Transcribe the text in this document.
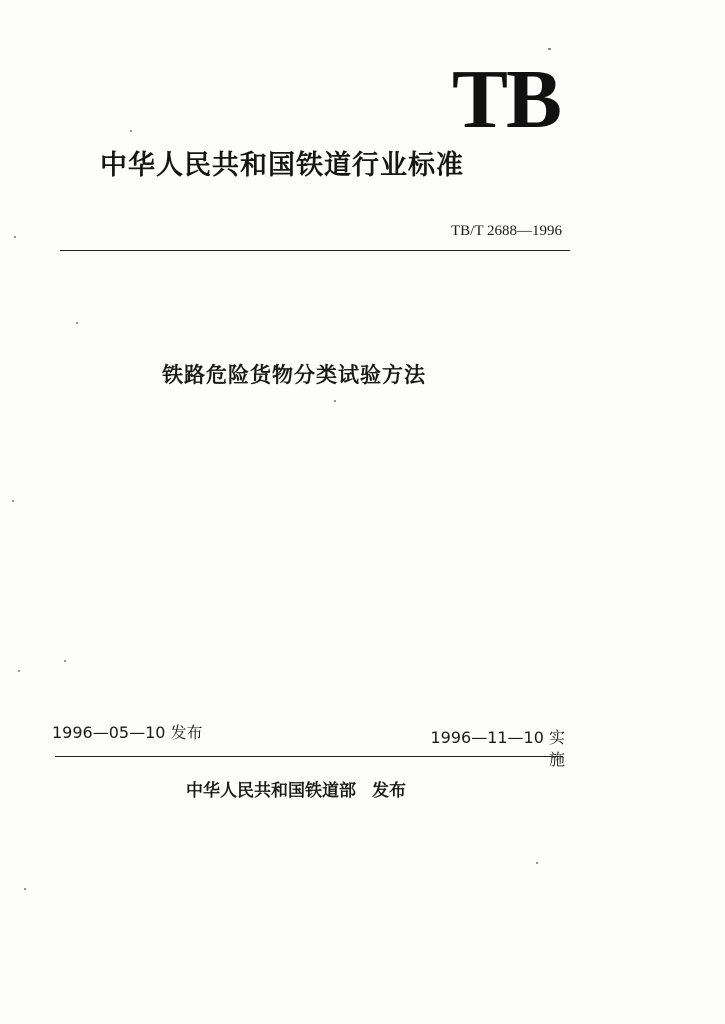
TB
中华人民共和国铁道行业标准
TB/T 2688—1996
铁路危险货物分类试验方法
1996—05—10 发布	1996—11—10 实施
中华人民共和国铁道部 发布
